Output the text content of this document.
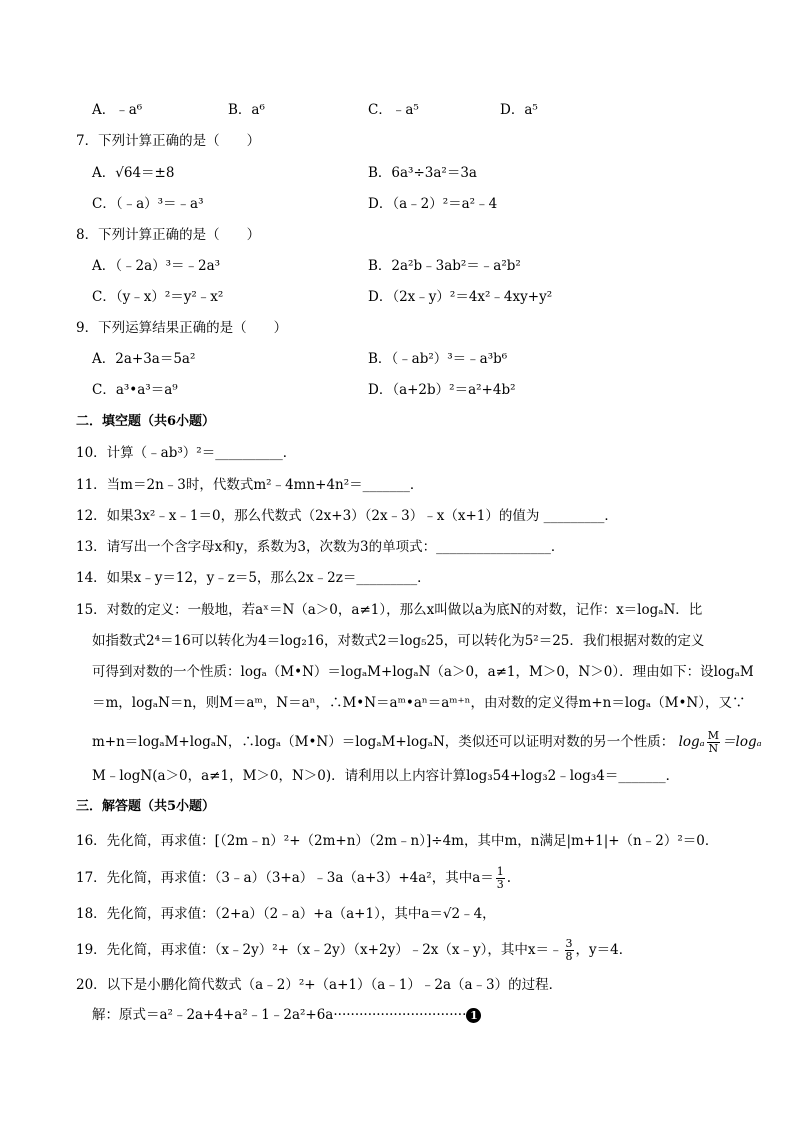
A．﹣a⁶	B．a⁶	C．﹣a⁵	D．a⁵
7．下列计算正确的是（　　）
A．√64＝±8	B．6a³÷3a²＝3a
C．（﹣a）³＝﹣a³	D．（a﹣2）²＝a²﹣4
8．下列计算正确的是（　　）
A．（﹣2a）³＝﹣2a³	B．2a²b﹣3ab²＝﹣a²b²
C．（y﹣x）²＝y²﹣x²	D．（2x﹣y）²＝4x²﹣4xy+y²
9．下列运算结果正确的是（　　）
A．2a+3a＝5a²	B．（﹣ab²）³＝﹣a³b⁶
C．a³•a³＝a⁹	D．（a+2b）²＝a²+4b²
二．填空题（共6小题）
10．计算（﹣ab³）²＝__________．
11．当m＝2n﹣3时，代数式m²﹣4mn+4n²＝_______．
12．如果3x²﹣x﹣1＝0，那么代数式（2x+3）（2x﹣3）﹣x（x+1）的值为 _________．
13．请写出一个含字母x和y，系数为3，次数为3的单项式：_________________．
14．如果x﹣y＝12，y﹣z＝5，那么2x﹣2z＝_________．
15．对数的定义：一般地，若aˣ＝N（a＞0，a≠1），那么x叫做以a为底N的对数，记作：x＝logₐN．比
如指数式2⁴＝16可以转化为4＝log₂16，对数式2＝log₅25，可以转化为5²＝25．我们根据对数的定义
可得到对数的一个性质：logₐ（M•N）＝logₐM+logₐN（a＞0，a≠1，M＞0，N＞0）．理由如下：设logₐM
＝m，logₐN＝n，则M＝aᵐ，N＝aⁿ，∴M•N＝aᵐ•aⁿ＝aᵐ⁺ⁿ，由对数的定义得m+n＝logₐ（M•N），又∵
m+n＝logₐM+logₐN，∴logₐ（M•N）＝logₐM+logₐN，类似还可以证明对数的另一个性质： logₐ $\frac{M}{N} =\log_a$
M﹣logN(a＞0，a≠1，M＞0，N＞0)．请利用以上内容计算log₃54+log₃2﹣log₃4＝_______．
三．解答题（共5小题）
16．先化简，再求值：[（2m﹣n）²+（2m+n）（2m﹣n）]÷4m，其中m，n满足|m+1|+（n﹣2）²＝0．
17．先化简，再求值：（3﹣a）（3+a）﹣3a（a+3）+4a²，其中$a= \frac{1}{3}$ .
18．先化简，再求值：（2+a）（2﹣a）+a（a+1），其中a＝√2﹣4，
19．先化简，再求值：（x﹣2y）²+（x﹣2y）（x+2y）﹣2x（x﹣y），其中x＝﹣ $\frac{3}{8}$ ，y＝4．
20．以下是小鹏化简代数式（a﹣2）²+（a+1）（a﹣1）﹣2a（a﹣3）的过程．
解：原式＝a²﹣2a+4+a²﹣1﹣2a²+6a······························· 1
